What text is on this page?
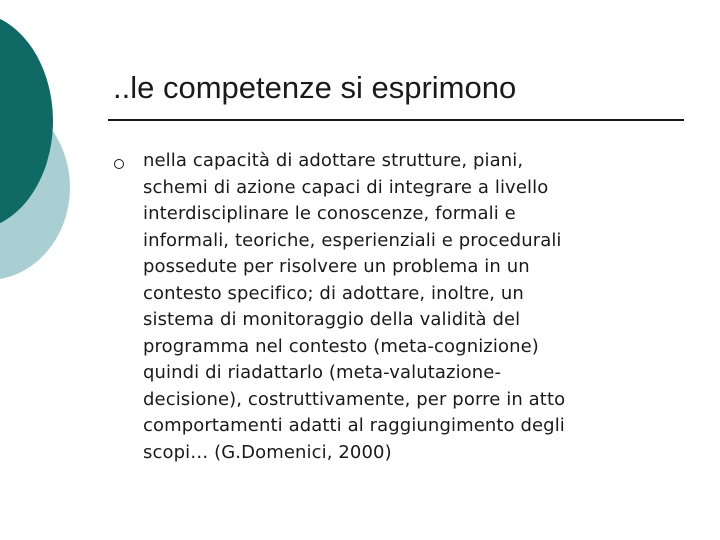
..le competenze si esprimono
nella capacità di adottare strutture, piani,
schemi di azione capaci di integrare a livello
interdisciplinare le conoscenze, formali e
informali, teoriche, esperienziali e procedurali
possedute per risolvere un problema in un
contesto specifico; di adottare, inoltre, un
sistema di monitoraggio della validità del
programma nel contesto (meta-cognizione)
quindi di riadattarlo (meta-valutazione-
decisione), costruttivamente, per porre in atto
comportamenti adatti al raggiungimento degli
scopi… (G.Domenici, 2000)
